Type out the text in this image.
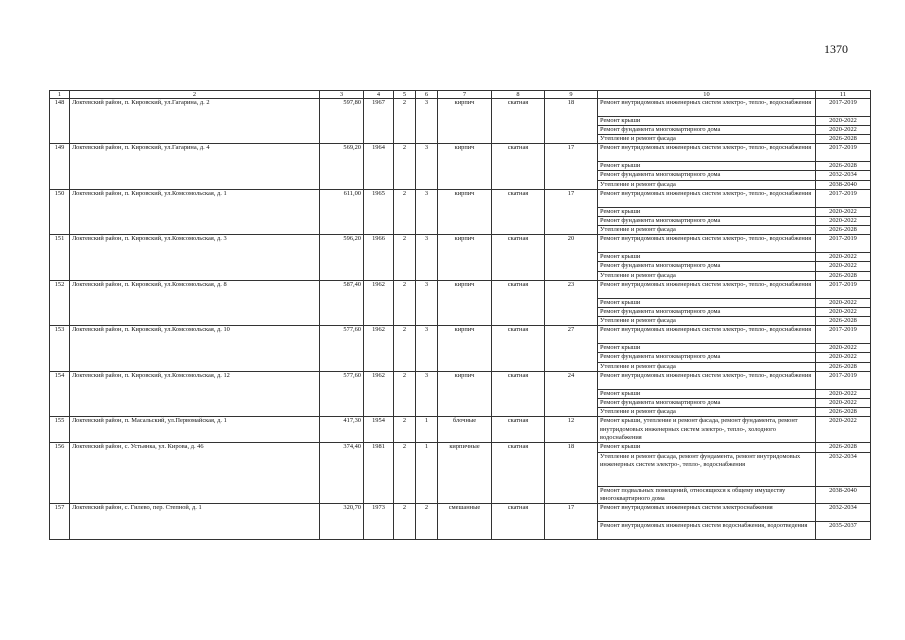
1370
1	2	3	4	5	6	7	8	9	10	11
148	Локтевский район, п. Кировский, ул.Гагарина, д. 2	597,80	1967	2	3	кирпич	скатная	18	Ремонт внутридомовых инженерных систем электро-, тепло-, водоснабжения	2017-2019
									Ремонт крыши	2020-2022
									Ремонт фундамента многоквартирного дома	2020-2022
									Утепление и ремонт фасада	2026-2028
149	Локтевский район, п. Кировский, ул.Гагарина, д. 4	569,20	1964	2	3	кирпич	скатная	17	Ремонт внутридомовых инженерных систем электро-, тепло-, водоснабжения	2017-2019
									Ремонт крыши	2026-2028
									Ремонт фундамента многоквартирного дома	2032-2034
									Утепление и ремонт фасада	2038-2040
150	Локтевский район, п. Кировский, ул.Комсомольская, д. 1	611,00	1965	2	3	кирпич	скатная	17	Ремонт внутридомовых инженерных систем электро-, тепло-, водоснабжения	2017-2019
									Ремонт крыши	2020-2022
									Ремонт фундамента многоквартирного дома	2020-2022
									Утепление и ремонт фасада	2026-2028
151	Локтевский район, п. Кировский, ул.Комсомольская, д. 3	596,20	1966	2	3	кирпич	скатная	20	Ремонт внутридомовых инженерных систем электро-, тепло-, водоснабжения	2017-2019
									Ремонт крыши	2020-2022
									Ремонт фундамента многоквартирного дома	2020-2022
									Утепление и ремонт фасада	2026-2028
152	Локтевский район, п. Кировский, ул.Комсомольская, д. 8	587,40	1962	2	3	кирпич	скатная	23	Ремонт внутридомовых инженерных систем электро-, тепло-, водоснабжения	2017-2019
									Ремонт крыши	2020-2022
									Ремонт фундамента многоквартирного дома	2020-2022
									Утепление и ремонт фасада	2026-2028
153	Локтевский район, п. Кировский, ул.Комсомольская, д. 10	577,60	1962	2	3	кирпич	скатная	27	Ремонт внутридомовых инженерных систем электро-, тепло-, водоснабжения	2017-2019
									Ремонт крыши	2020-2022
									Ремонт фундамента многоквартирного дома	2020-2022
									Утепление и ремонт фасада	2026-2028
154	Локтевский район, п. Кировский, ул.Комсомольская, д. 12	577,60	1962	2	3	кирпич	скатная	24	Ремонт внутридомовых инженерных систем электро-, тепло-, водоснабжения	2017-2019
									Ремонт крыши	2020-2022
									Ремонт фундамента многоквартирного дома	2020-2022
									Утепление и ремонт фасада	2026-2028
155	Локтевский район, п. Масальский, ул.Первомайская, д. 1	417,30	1954	2	1	блочные	скатная	12	Ремонт крыши, утепление и ремонт фасада, ремонт фундамента, ремонт внутридомовых инженерных систем электро-, тепло-, холодного водоснабжения	2020-2022
156	Локтевский район, с. Устьянка, ул. Кирова, д. 46	374,40	1981	2	1	кирпичные	скатная	18	Ремонт крыши	2026-2028
									Утепление и ремонт фасада, ремонт фундамента, ремонт внутридомовых инженерных систем электро-, тепло-, водоснабжения	2032-2034
									Ремонт подвальных помещений, относящихся к общему имуществу многоквартирного дома	2038-2040
157	Локтевский район, с. Гилево, пер. Степной, д. 1	320,70	1973	2	2	смешанные	скатная	17	Ремонт внутридомовых инженерных систем электроснабжения	2032-2034
									Ремонт внутридомовых инженерных систем водоснабжения, водоотведения	2035-2037
